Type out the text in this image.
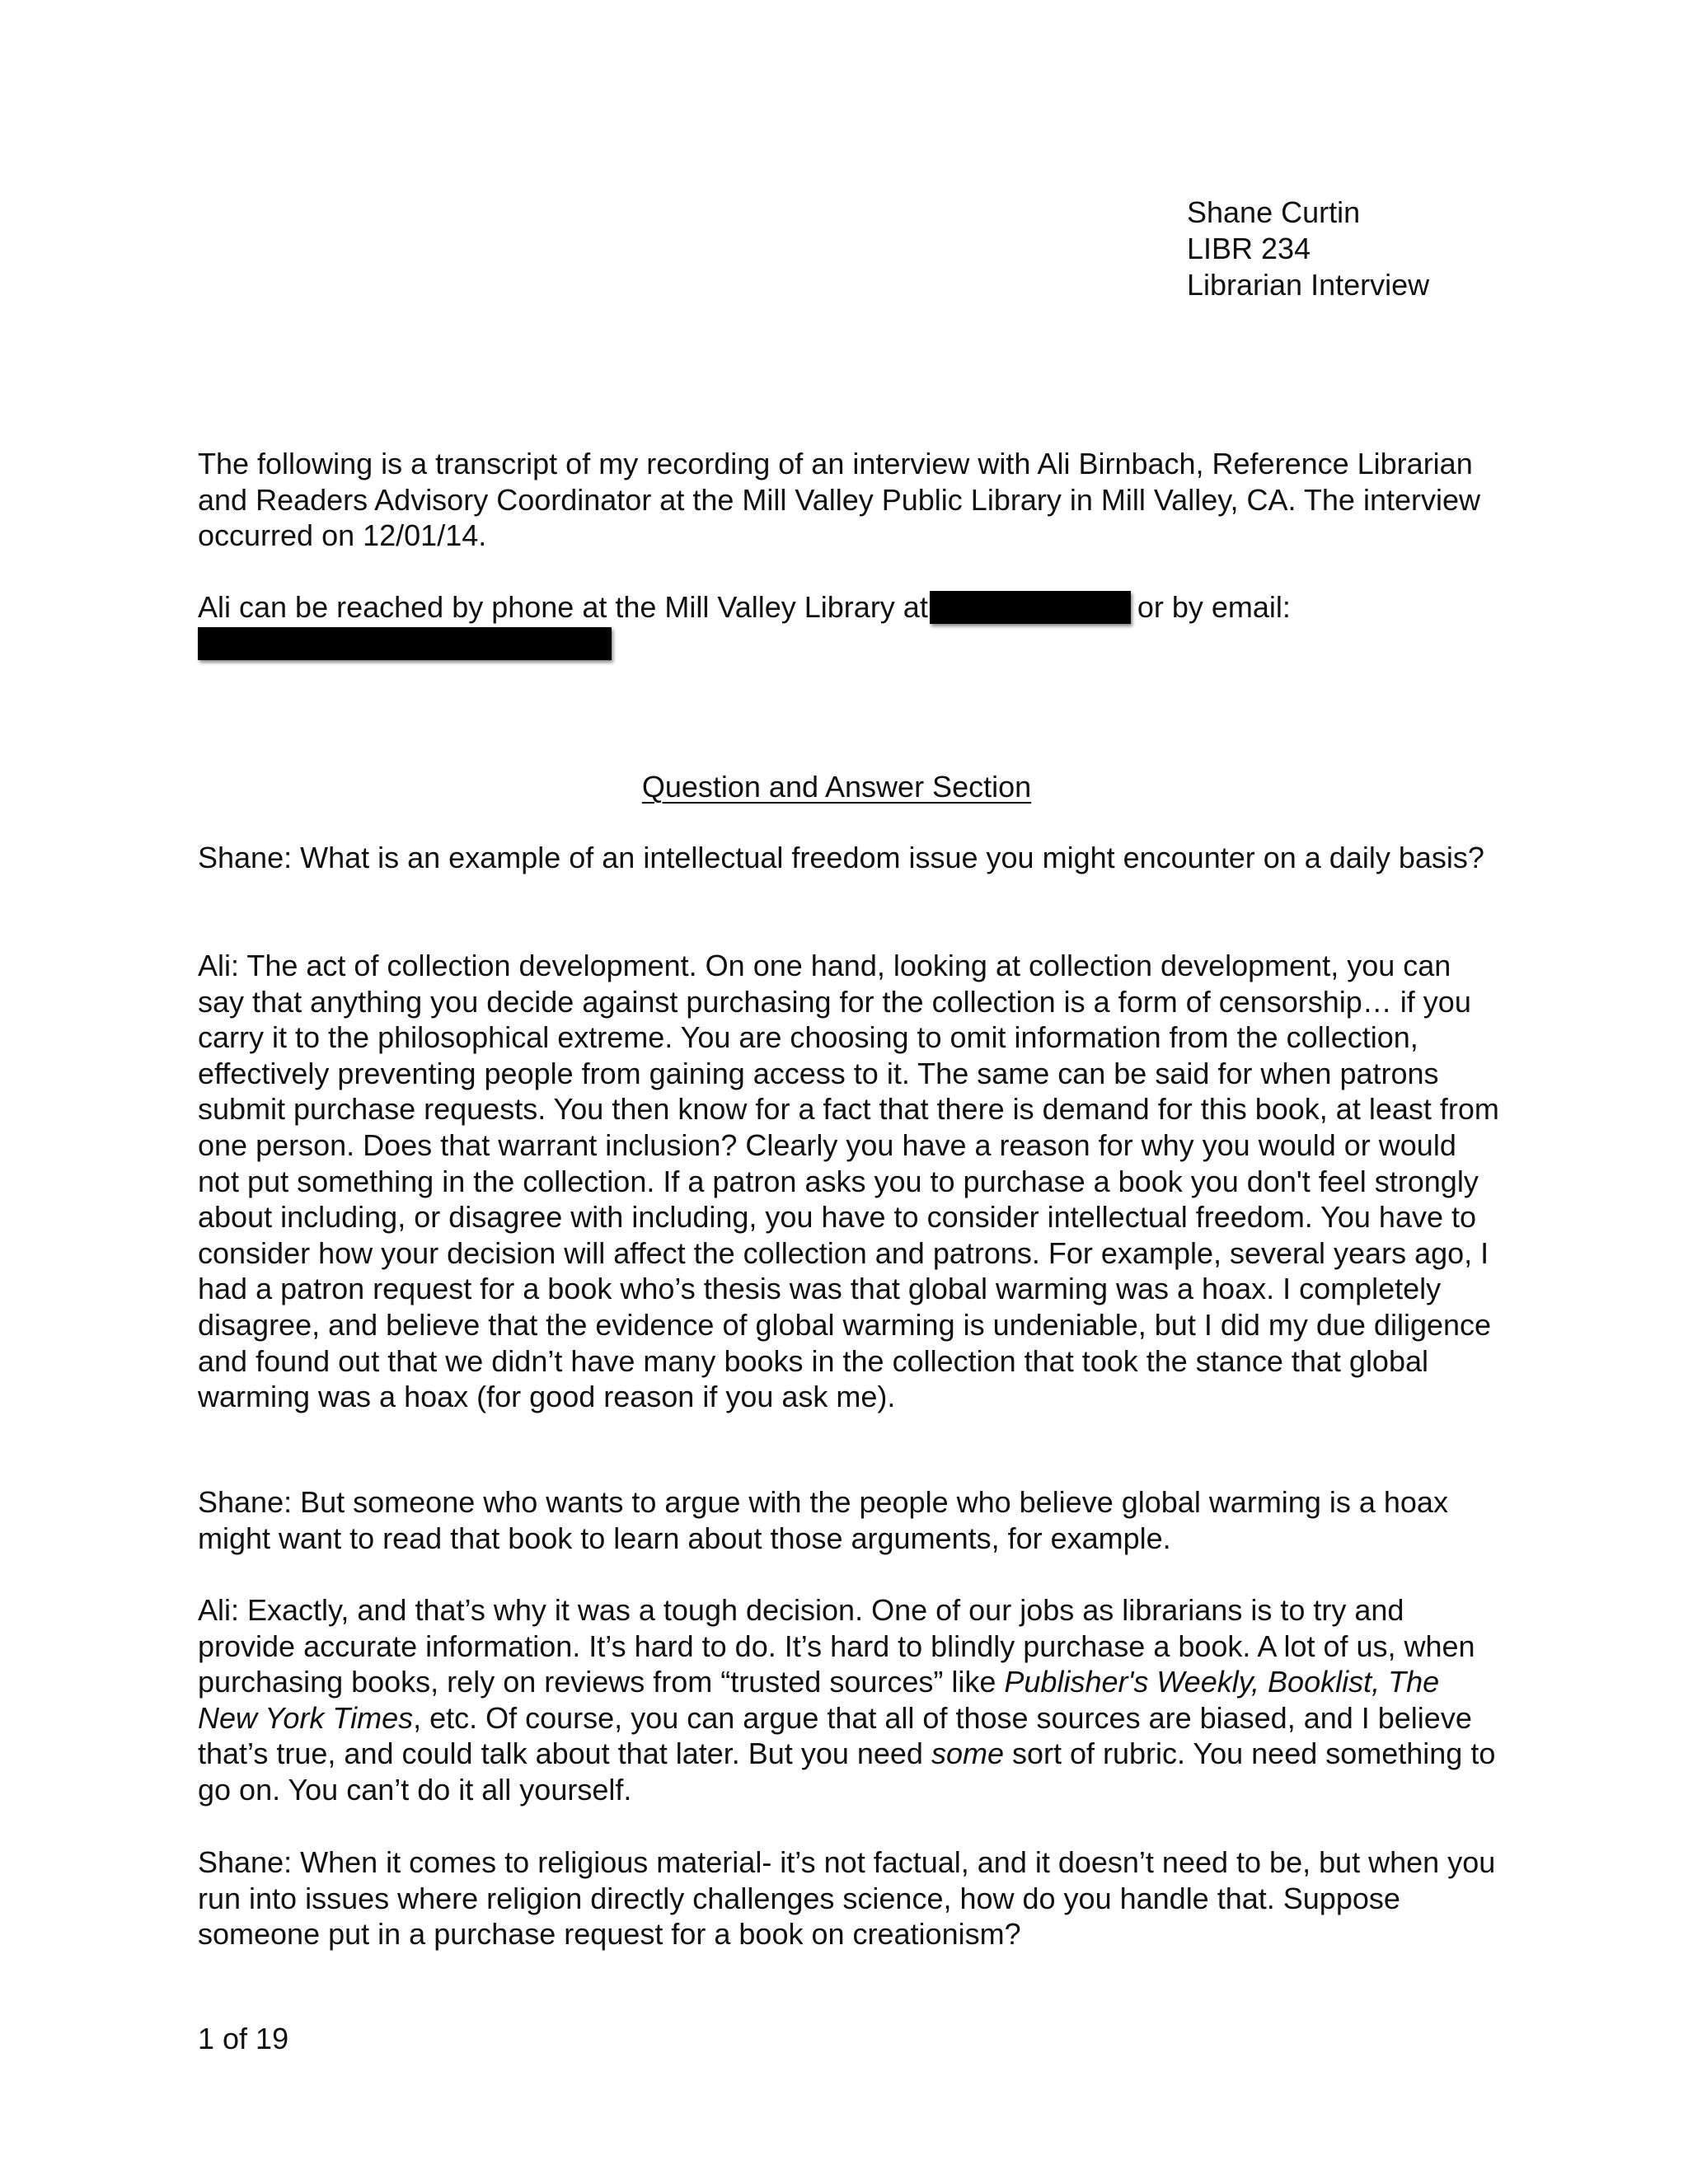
Shane Curtin
LIBR 234
Librarian Interview

The following is a transcript of my recording of an interview with Ali Birnbach, Reference Librarian and Readers Advisory Coordinator at the Mill Valley Public Library in Mill Valley, CA. The interview occurred on 12/01/14.

Ali can be reached by phone at the Mill Valley Library at	or by email:

Question and Answer Section

Shane: What is an example of an intellectual freedom issue you might encounter on a daily basis?

Ali: The act of collection development. On one hand, looking at collection development, you can say that anything you decide against purchasing for the collection is a form of censorship… if you carry it to the philosophical extreme. You are choosing to omit information from the collection, effectively preventing people from gaining access to it. The same can be said for when patrons submit purchase requests. You then know for a fact that there is demand for this book, at least from one person. Does that warrant inclusion? Clearly you have a reason for why you would or would not put something in the collection. If a patron asks you to purchase a book you don't feel strongly about including, or disagree with including, you have to consider intellectual freedom. You have to consider how your decision will affect the collection and patrons. For example, several years ago, I had a patron request for a book who’s thesis was that global warming was a hoax. I completely disagree, and believe that the evidence of global warming is undeniable, but I did my due diligence and found out that we didn’t have many books in the collection that took the stance that global warming was a hoax (for good reason if you ask me).

Shane: But someone who wants to argue with the people who believe global warming is a hoax might want to read that book to learn about those arguments, for example.

Ali: Exactly, and that’s why it was a tough decision. One of our jobs as librarians is to try and provide accurate information. It’s hard to do. It’s hard to blindly purchase a book. A lot of us, when purchasing books, rely on reviews from “trusted sources” like Publisher's Weekly, Booklist, The New York Times, etc. Of course, you can argue that all of those sources are biased, and I believe that’s true, and could talk about that later. But you need some sort of rubric. You need something to go on. You can’t do it all yourself.

Shane: When it comes to religious material- it’s not factual, and it doesn’t need to be, but when you run into issues where religion directly challenges science, how do you handle that. Suppose someone put in a purchase request for a book on creationism?

1 of 19
